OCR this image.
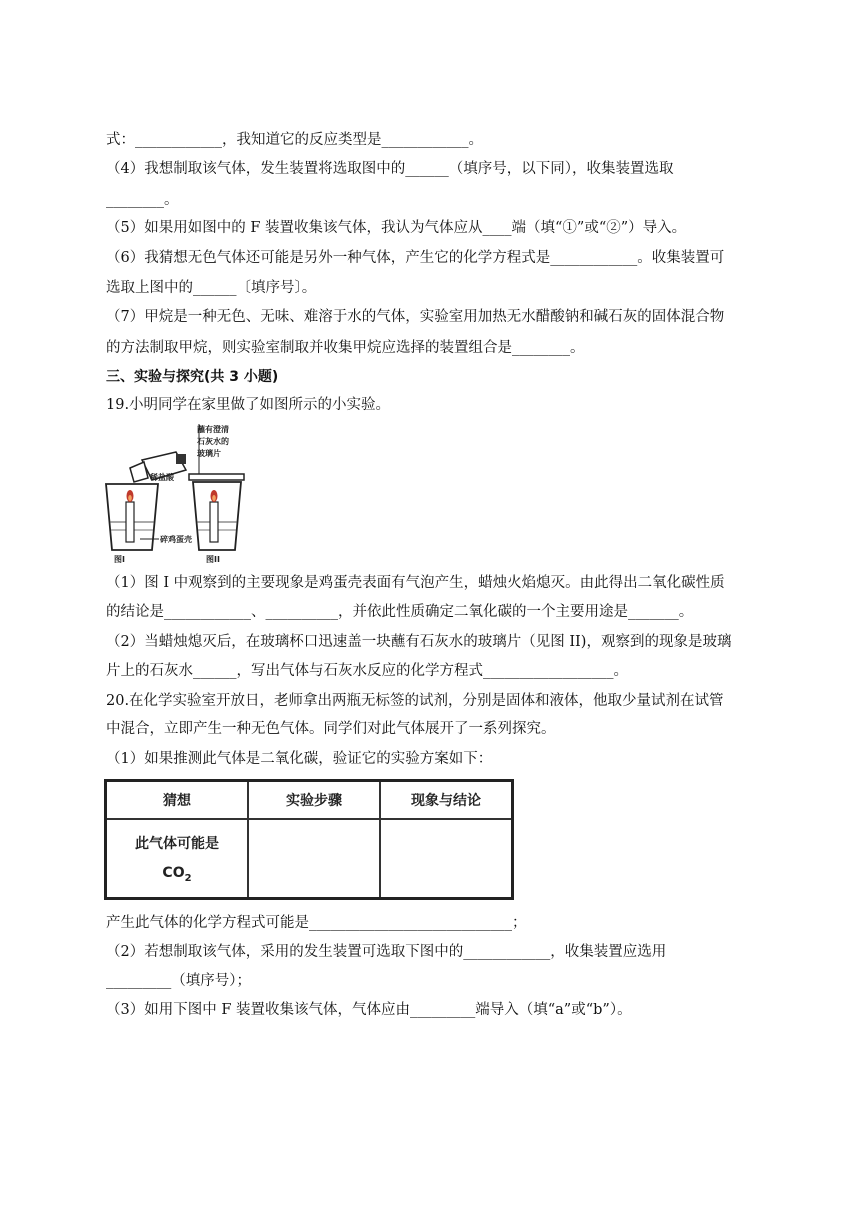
式：____________，我知道它的反应类型是____________。
（4）我想制取该气体，发生装置将选取图中的______（填序号，以下同），收集装置选取
________。
（5）如果用如图中的 F 装置收集该气体，我认为气体应从____端（填“①”或“②”）导入。
（6）我猜想无色气体还可能是另外一种气体，产生它的化学方程式是____________。收集装置可
选取上图中的______〔填序号〕。
（7）甲烷是一种无色、无味、难溶于水的气体，实验室用加热无水醋酸钠和碱石灰的固体混合物
的方法制取甲烷，则实验室制取并收集甲烷应选择的装置组合是________。
三、实验与探究(共 3 小题)
19.小明同学在家里做了如图所示的小实验。
蘸有澄清
石灰水的
玻璃片
稀盐酸
碎鸡蛋壳
图I	图II
（1）图 I 中观察到的主要现象是鸡蛋壳表面有气泡产生，蜡烛火焰熄灭。由此得出二氧化碳性质
的结论是____________、__________，并依此性质确定二氧化碳的一个主要用途是_______。
（2）当蜡烛熄灭后，在玻璃杯口迅速盖一块蘸有石灰水的玻璃片（见图 II)，观察到的现象是玻璃
片上的石灰水______，写出气体与石灰水反应的化学方程式__________________。
20.在化学实验室开放日，老师拿出两瓶无标签的试剂，分别是固体和液体，他取少量试剂在试管
中混合，立即产生一种无色气体。同学们对此气体展开了一系列探究。
（1）如果推测此气体是二氧化碳，验证它的实验方案如下：
猜想	实验步骤	现象与结论

此气体可能是
$CO_2$

产生此气体的化学方程式可能是____________________________；
（2）若想制取该气体，采用的发生装置可选取下图中的____________，收集装置应选用
_________（填序号）；
（3）如用下图中 F 装置收集该气体，气体应由_________端导入（填“a”或“b”）。
